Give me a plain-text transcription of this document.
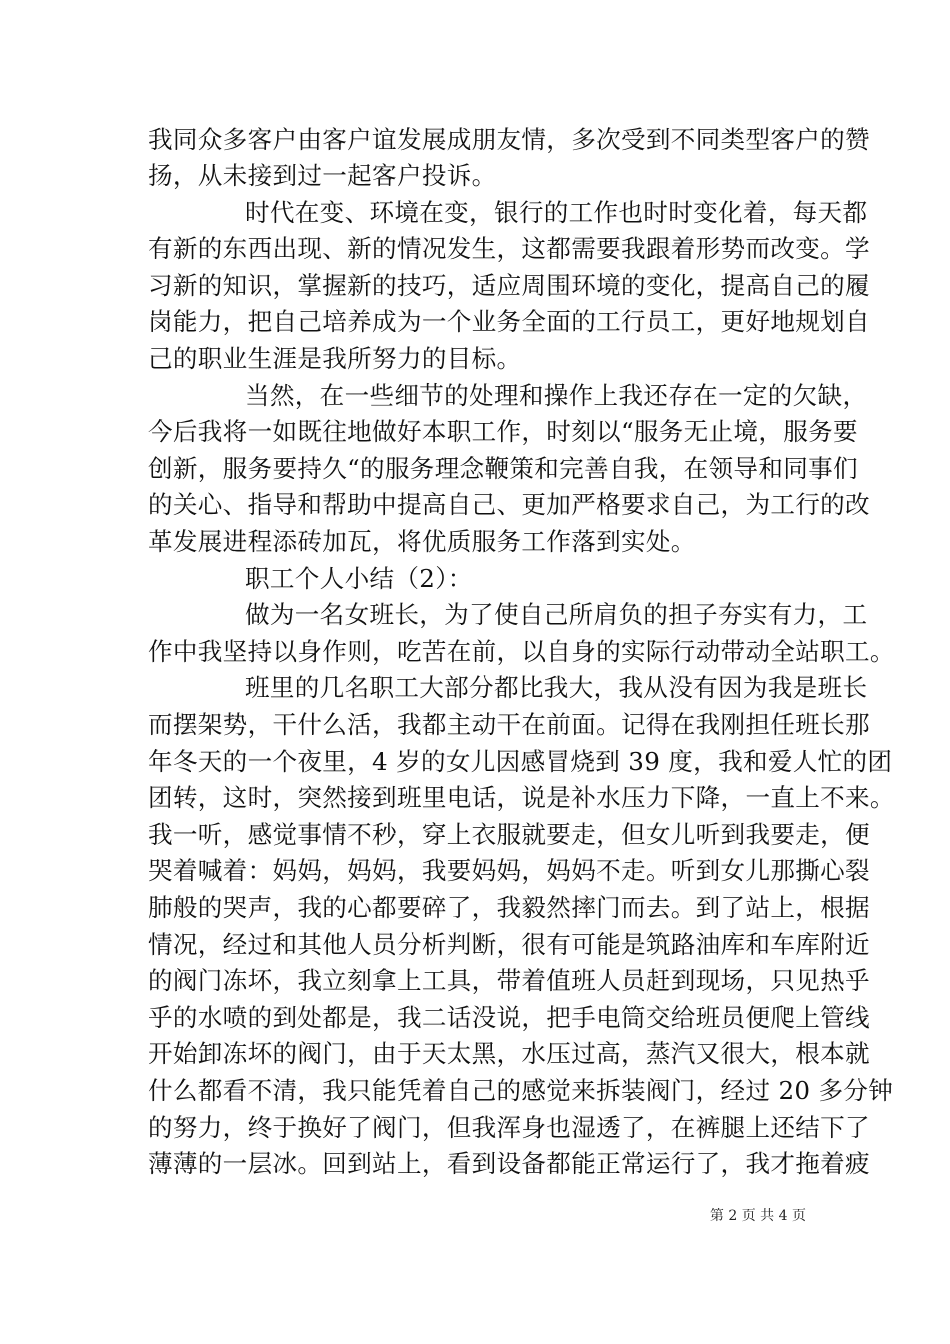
我同众多客户由客户谊发展成朋友情，多次受到不同类型客户的赞
扬，从未接到过一起客户投诉。
时代在变、环境在变，银行的工作也时时变化着，每天都
有新的东西出现、新的情况发生，这都需要我跟着形势而改变。学
习新的知识，掌握新的技巧，适应周围环境的变化，提高自己的履
岗能力，把自己培养成为一个业务全面的工行员工，更好地规划自
己的职业生涯是我所努力的目标。
当然，在一些细节的处理和操作上我还存在一定的欠缺，
今后我将一如既往地做好本职工作，时刻以“服务无止境，服务要
创新，服务要持久“的服务理念鞭策和完善自我，在领导和同事们
的关心、指导和帮助中提高自己、更加严格要求自己，为工行的改
革发展进程添砖加瓦，将优质服务工作落到实处。
职工个人小结（2）：
做为一名女班长，为了使自己所肩负的担子夯实有力，工
作中我坚持以身作则，吃苦在前，以自身的实际行动带动全站职工。
班里的几名职工大部分都比我大，我从没有因为我是班长
而摆架势，干什么活，我都主动干在前面。记得在我刚担任班长那
年冬天的一个夜里，4 岁的女儿因感冒烧到 39 度，我和爱人忙的团
团转，这时，突然接到班里电话，说是补水压力下降，一直上不来。
我一听，感觉事情不秒，穿上衣服就要走，但女儿听到我要走，便
哭着喊着：妈妈，妈妈，我要妈妈，妈妈不走。听到女儿那撕心裂
肺般的哭声，我的心都要碎了，我毅然摔门而去。到了站上，根据
情况，经过和其他人员分析判断，很有可能是筑路油库和车库附近
的阀门冻坏，我立刻拿上工具，带着值班人员赶到现场，只见热乎
乎的水喷的到处都是，我二话没说，把手电筒交给班员便爬上管线
开始卸冻坏的阀门，由于天太黑，水压过高，蒸汽又很大，根本就
什么都看不清，我只能凭着自己的感觉来拆装阀门，经过 20 多分钟
的努力，终于换好了阀门，但我浑身也湿透了，在裤腿上还结下了
薄薄的一层冰。回到站上，看到设备都能正常运行了，我才拖着疲
第 2 页 共 4 页
